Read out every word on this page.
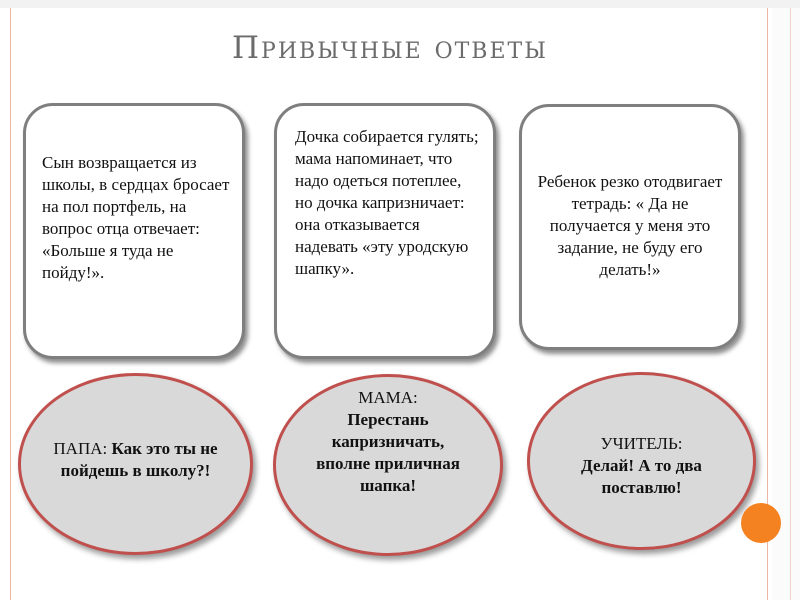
Привычные ответы
Сын возвращается из школы, в сердцах бросает на пол портфель, на вопрос отца отвечает: «Больше я туда не пойду!».
Дочка собирается гулять; мама напоминает, что надо одеться потеплее, но дочка капризничает: она отказывается надевать «эту уродскую шапку».
Ребенок резко отодвигает тетрадь: « Да не получается у меня это задание, не буду его делать!»
ПАПА: Как это ты не пойдешь в школу?!
МАМА:
Перестань капризничать, вполне приличная шапка!
УЧИТЕЛЬ:
Делай! А то два поставлю!
